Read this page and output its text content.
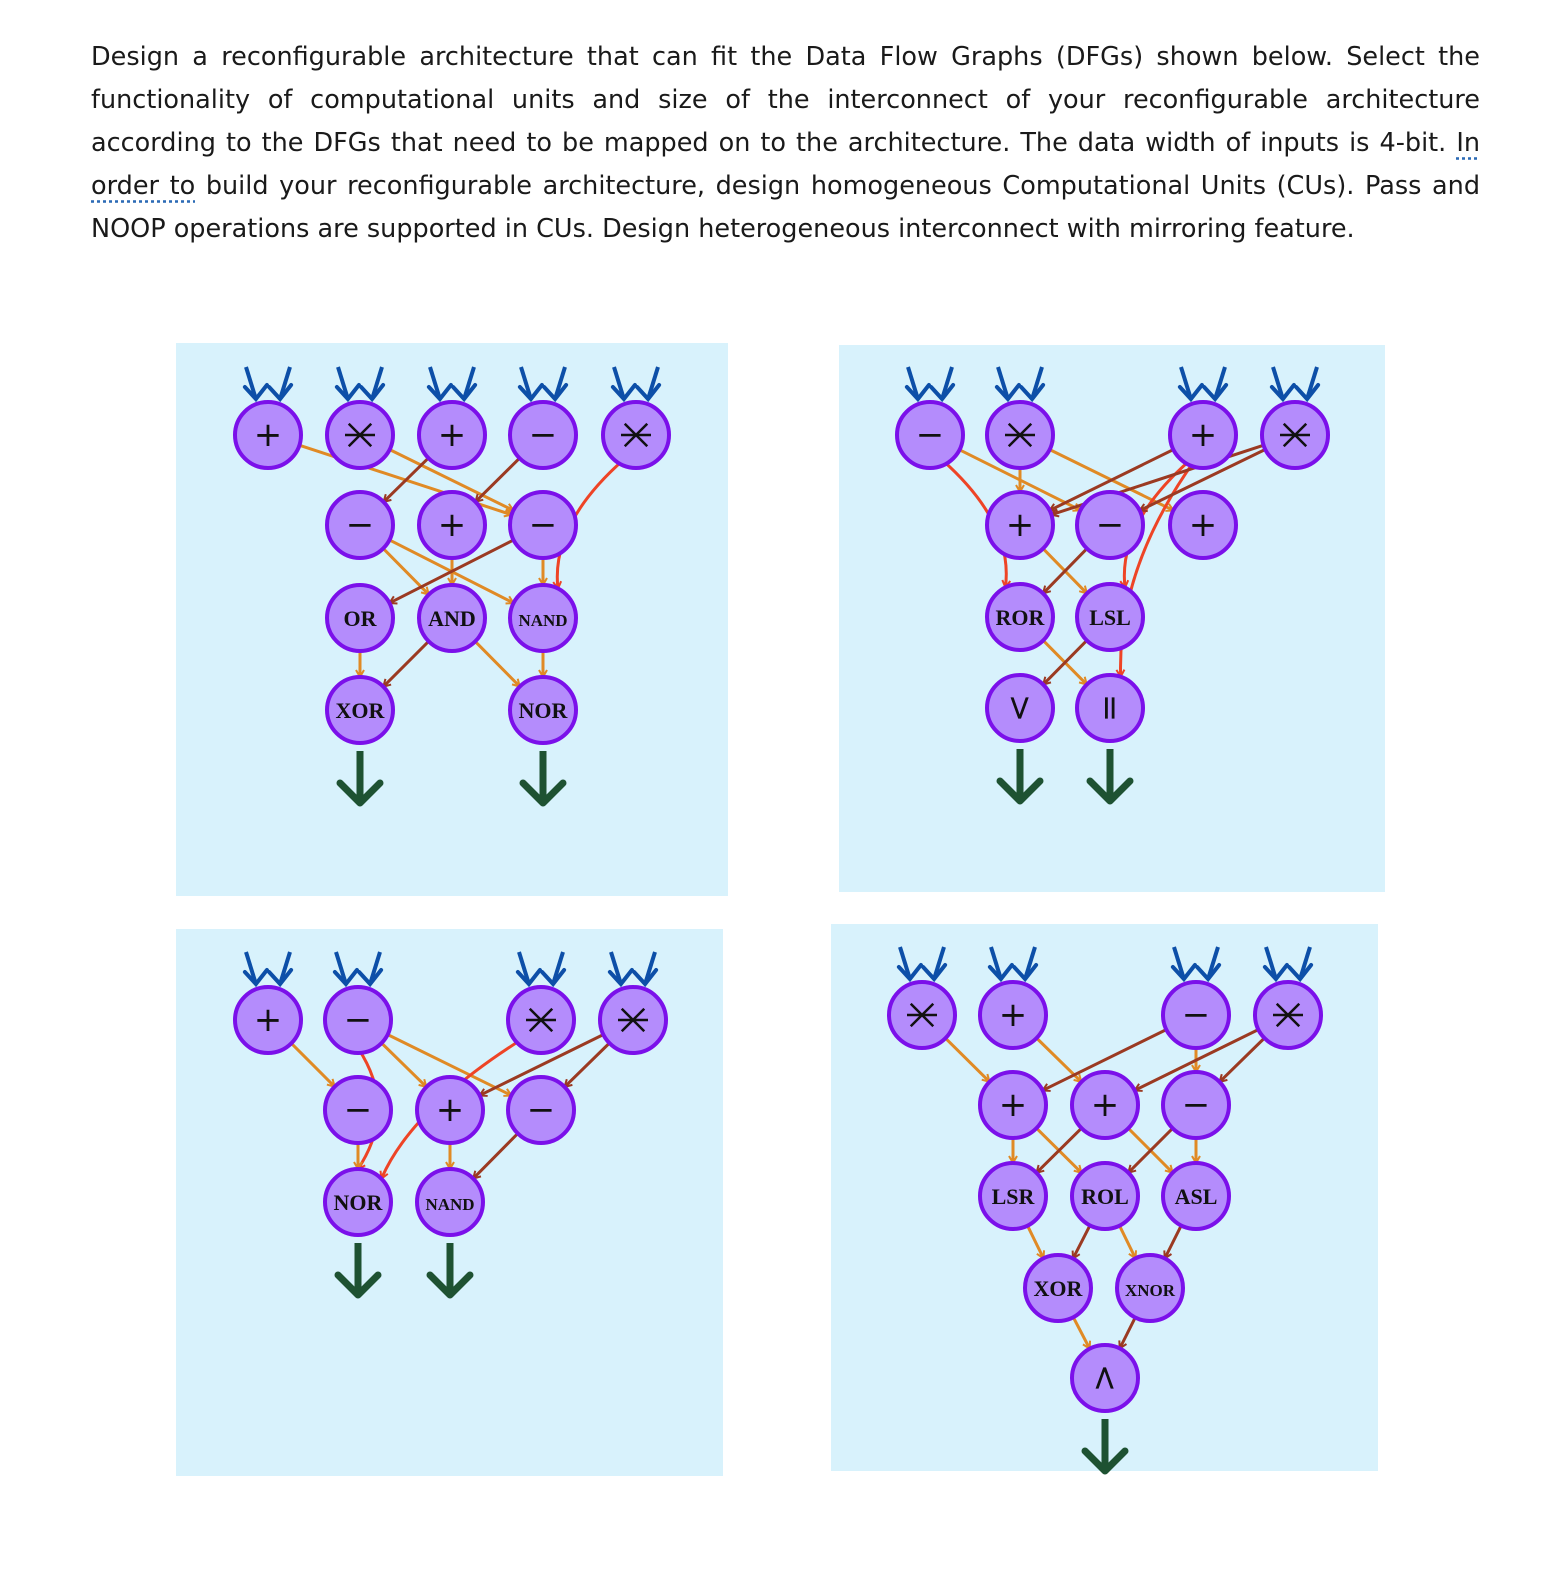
Design a reconfigurable architecture that can fit the Data Flow Graphs (DFGs) shown below. Select the functionality of computational units and size of the interconnect of your reconfigurable architecture according to the DFGs that need to be mapped on to the architecture. The data width of inputs is 4-bit. In order to build your reconfigurable architecture, design homogeneous Computational Units (CUs). Pass and NOOP operations are supported in CUs. Design heterogeneous interconnect with mirroring feature.

+	+ −
− + −
OR AND	NAND
XOR	NOR
−	+
+ − +
ROR LSL
> =
+ −
− + −
NOR	NAND
+	−
+ + −
LSR ROL ASL
XOR	XNOR
<
